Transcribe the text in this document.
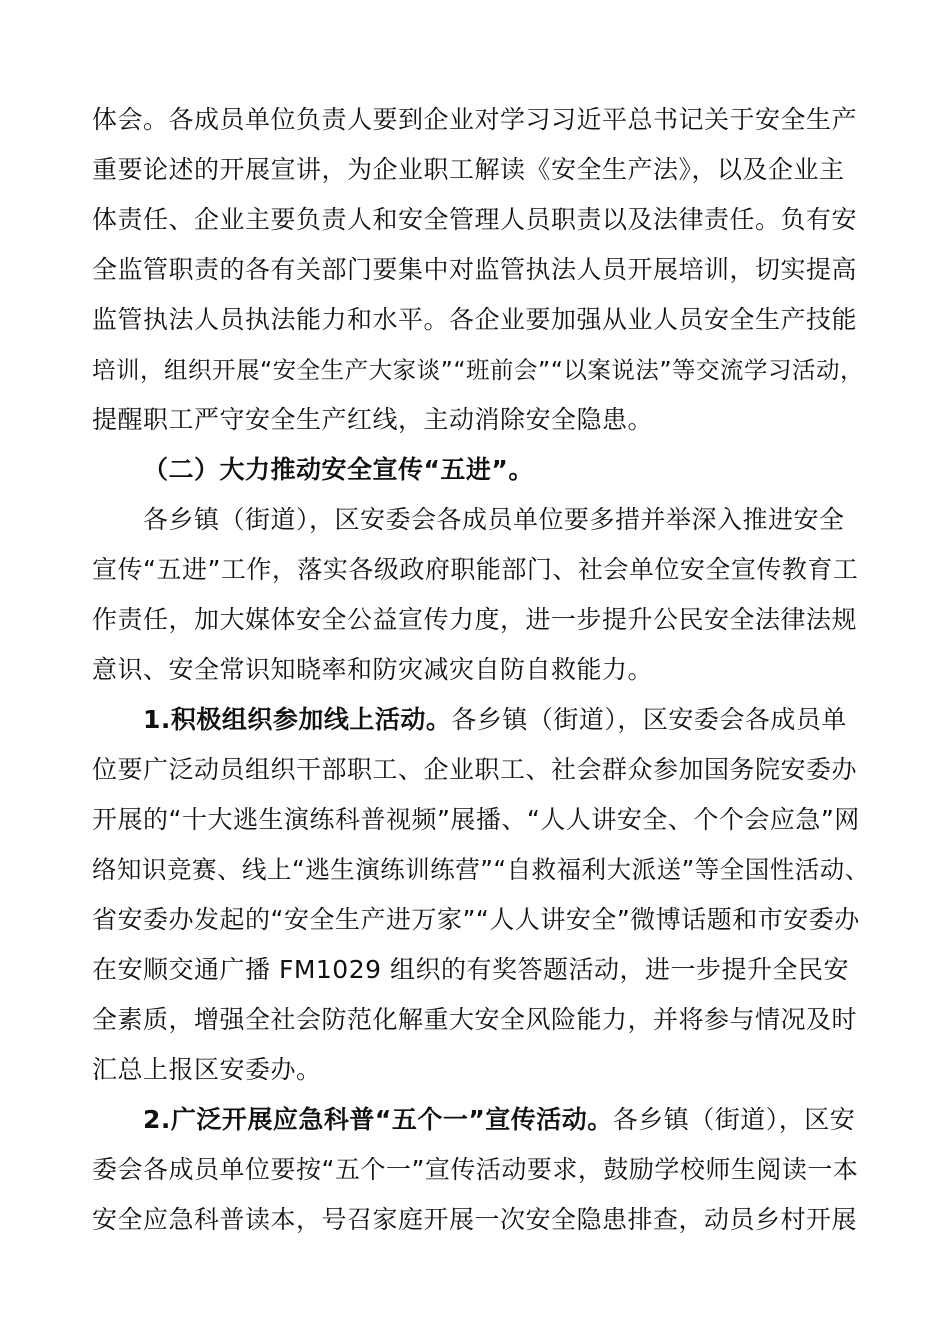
体会。各成员单位负责人要到企业对学习习近平总书记关于安全生产
重要论述的开展宣讲，为企业职工解读《安全生产法》，以及企业主
体责任、企业主要负责人和安全管理人员职责以及法律责任。负有安
全监管职责的各有关部门要集中对监管执法人员开展培训，切实提高
监管执法人员执法能力和水平。各企业要加强从业人员安全生产技能
培训，组织开展“安全生产大家谈”“班前会”“以案说法”等交流学习活动，
提醒职工严守安全生产红线，主动消除安全隐患。
（二）大力推动安全宣传“五进”。
各乡镇（街道），区安委会各成员单位要多措并举深入推进安全
宣传“五进”工作，落实各级政府职能部门、社会单位安全宣传教育工
作责任，加大媒体安全公益宣传力度，进一步提升公民安全法律法规
意识、安全常识知晓率和防灾减灾自防自救能力。
1.积极组织参加线上活动。各乡镇（街道），区安委会各成员单
位要广泛动员组织干部职工、企业职工、社会群众参加国务院安委办
开展的“十大逃生演练科普视频”展播、“人人讲安全、个个会应急”网
络知识竞赛、线上“逃生演练训练营”“自救福利大派送”等全国性活动、
省安委办发起的“安全生产进万家”“人人讲安全”微博话题和市安委办
在安顺交通广播 FM1029 组织的有奖答题活动，进一步提升全民安
全素质，增强全社会防范化解重大安全风险能力，并将参与情况及时
汇总上报区安委办。
2.广泛开展应急科普“五个一”宣传活动。各乡镇（街道），区安
委会各成员单位要按“五个一”宣传活动要求，鼓励学校师生阅读一本
安全应急科普读本，号召家庭开展一次安全隐患排查，动员乡村开展
